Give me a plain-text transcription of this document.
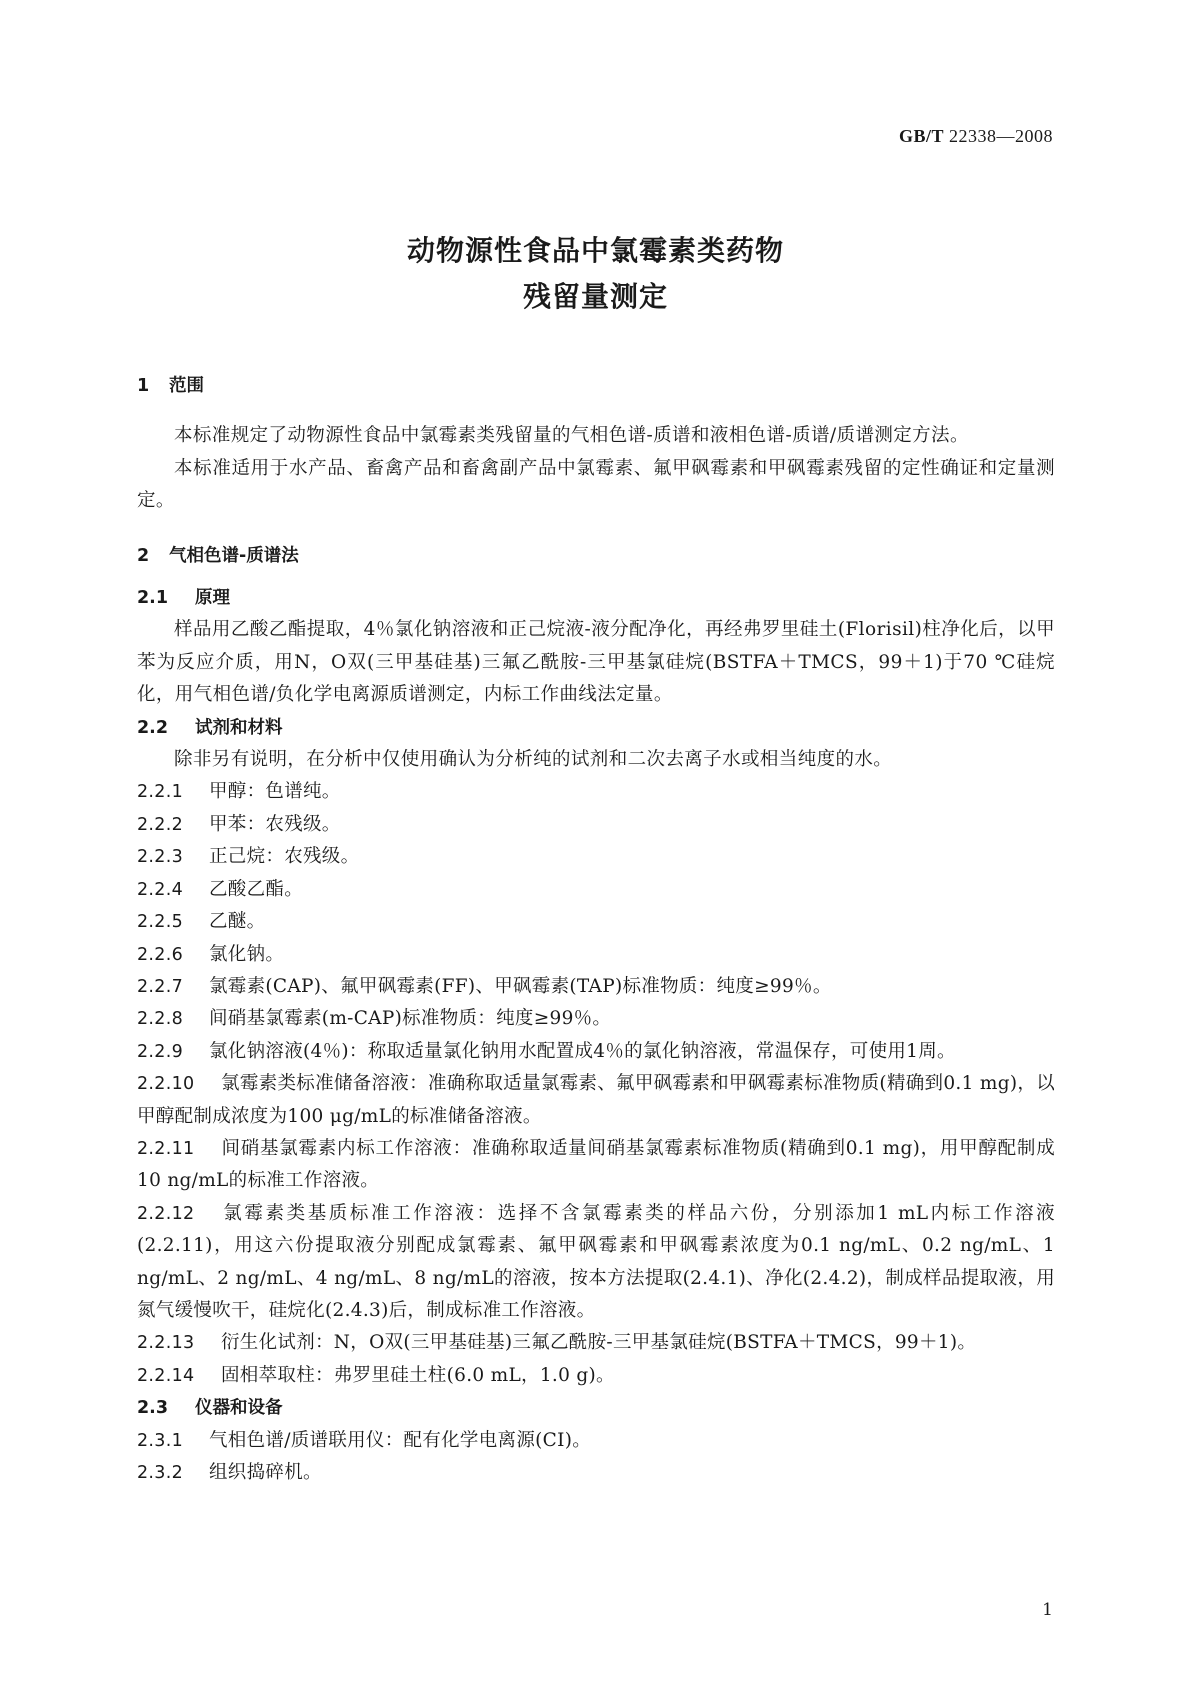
GB/T 22338—2008
动物源性食品中氯霉素类药物
残留量测定
1 范围
本标准规定了动物源性食品中氯霉素类残留量的气相色谱-质谱和液相色谱-质谱/质谱测定方法。
本标准适用于水产品、畜禽产品和畜禽副产品中氯霉素、氟甲砜霉素和甲砜霉素残留的定性确证和定量测定。
2 气相色谱-质谱法
2.1 原理
样品用乙酸乙酯提取，4％氯化钠溶液和正己烷液-液分配净化，再经弗罗里硅土(Florisil)柱净化后，以甲苯为反应介质，用N，O双(三甲基硅基)三氟乙酰胺-三甲基氯硅烷(BSTFA＋TMCS，99＋1)于70 ℃硅烷化，用气相色谱/负化学电离源质谱测定，内标工作曲线法定量。
2.2 试剂和材料
除非另有说明，在分析中仅使用确认为分析纯的试剂和二次去离子水或相当纯度的水。
2.2.1 甲醇：色谱纯。
2.2.2 甲苯：农残级。
2.2.3 正己烷：农残级。
2.2.4 乙酸乙酯。
2.2.5 乙醚。
2.2.6 氯化钠。
2.2.7 氯霉素(CAP)、氟甲砜霉素(FF)、甲砜霉素(TAP)标准物质：纯度≥99％。
2.2.8 间硝基氯霉素(m-CAP)标准物质：纯度≥99％。
2.2.9 氯化钠溶液(4％)：称取适量氯化钠用水配置成4％的氯化钠溶液，常温保存，可使用1周。
2.2.10 氯霉素类标准储备溶液：准确称取适量氯霉素、氟甲砜霉素和甲砜霉素标准物质(精确到0.1 mg)，以甲醇配制成浓度为100 μg/mL的标准储备溶液。
2.2.11 间硝基氯霉素内标工作溶液：准确称取适量间硝基氯霉素标准物质(精确到0.1 mg)，用甲醇配制成10 ng/mL的标准工作溶液。
2.2.12 氯霉素类基质标准工作溶液：选择不含氯霉素类的样品六份，分别添加1 mL内标工作溶液(2.2.11)，用这六份提取液分别配成氯霉素、氟甲砜霉素和甲砜霉素浓度为0.1 ng/mL、0.2 ng/mL、1 ng/mL、2 ng/mL、4 ng/mL、8 ng/mL的溶液，按本方法提取(2.4.1)、净化(2.4.2)，制成样品提取液，用氮气缓慢吹干，硅烷化(2.4.3)后，制成标准工作溶液。
2.2.13 衍生化试剂：N，O双(三甲基硅基)三氟乙酰胺-三甲基氯硅烷(BSTFA＋TMCS，99＋1)。
2.2.14 固相萃取柱：弗罗里硅土柱(6.0 mL，1.0 g)。
2.3 仪器和设备
2.3.1 气相色谱/质谱联用仪：配有化学电离源(CI)。
2.3.2 组织捣碎机。
1
